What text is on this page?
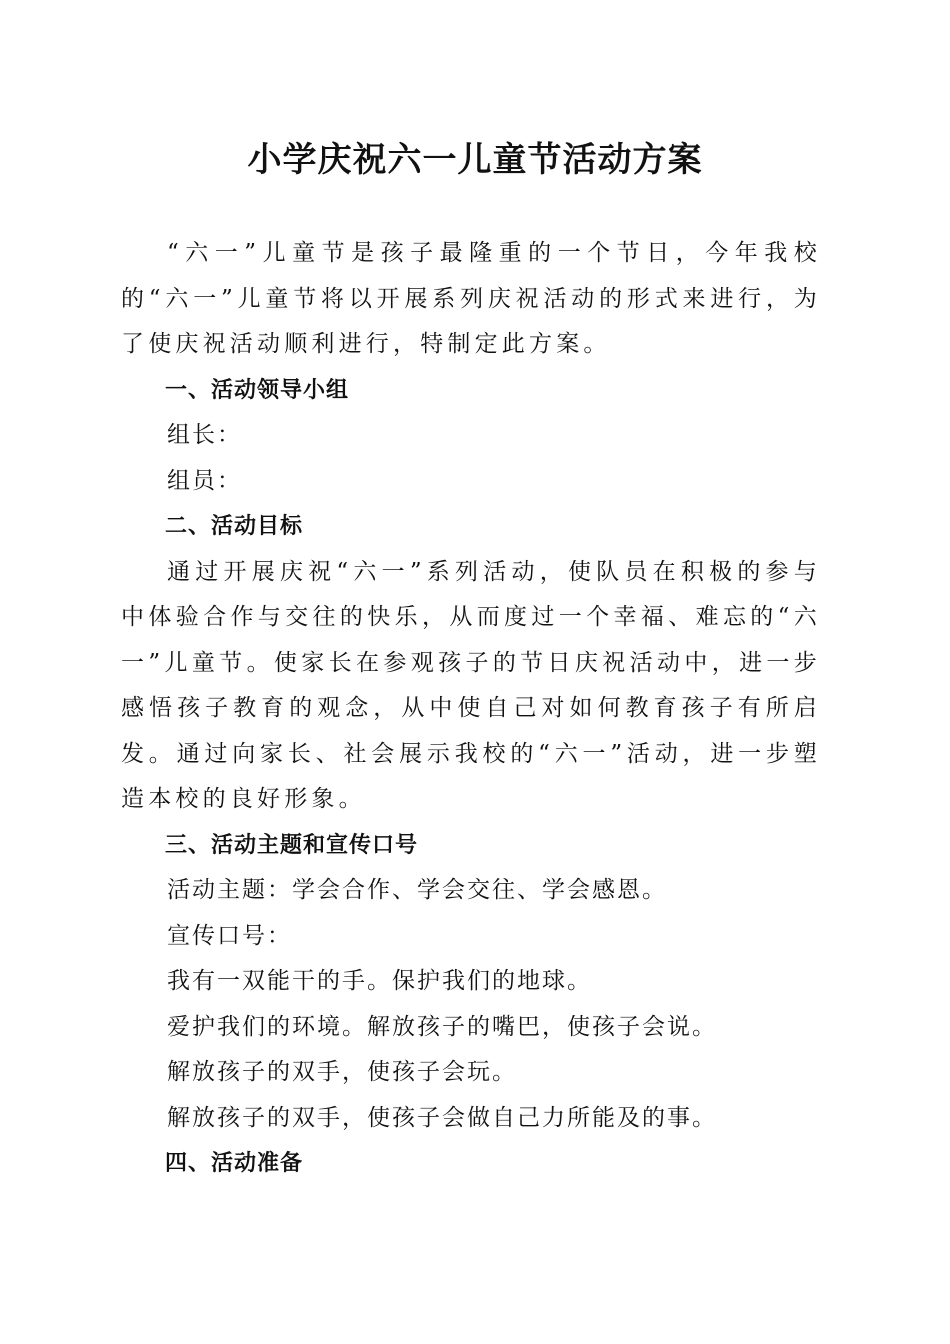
小学庆祝六一儿童节活动方案

“六一”儿童节是孩子最隆重的一个节日，今年我校的“六一”儿童节将以开展系列庆祝活动的形式来进行，为了使庆祝活动顺利进行，特制定此方案。

一、活动领导小组

组长：

组员：

二、活动目标

通过开展庆祝“六一”系列活动，使队员在积极的参与中体验合作与交往的快乐，从而度过一个幸福、难忘的“六一”儿童节。使家长在参观孩子的节日庆祝活动中，进一步感悟孩子教育的观念，从中使自己对如何教育孩子有所启发。通过向家长、社会展示我校的“六一”活动，进一步塑造本校的良好形象。

三、活动主题和宣传口号

活动主题：学会合作、学会交往、学会感恩。

宣传口号：

我有一双能干的手。保护我们的地球。

爱护我们的环境。解放孩子的嘴巴，使孩子会说。

解放孩子的双手，使孩子会玩。

解放孩子的双手，使孩子会做自己力所能及的事。

四、活动准备
